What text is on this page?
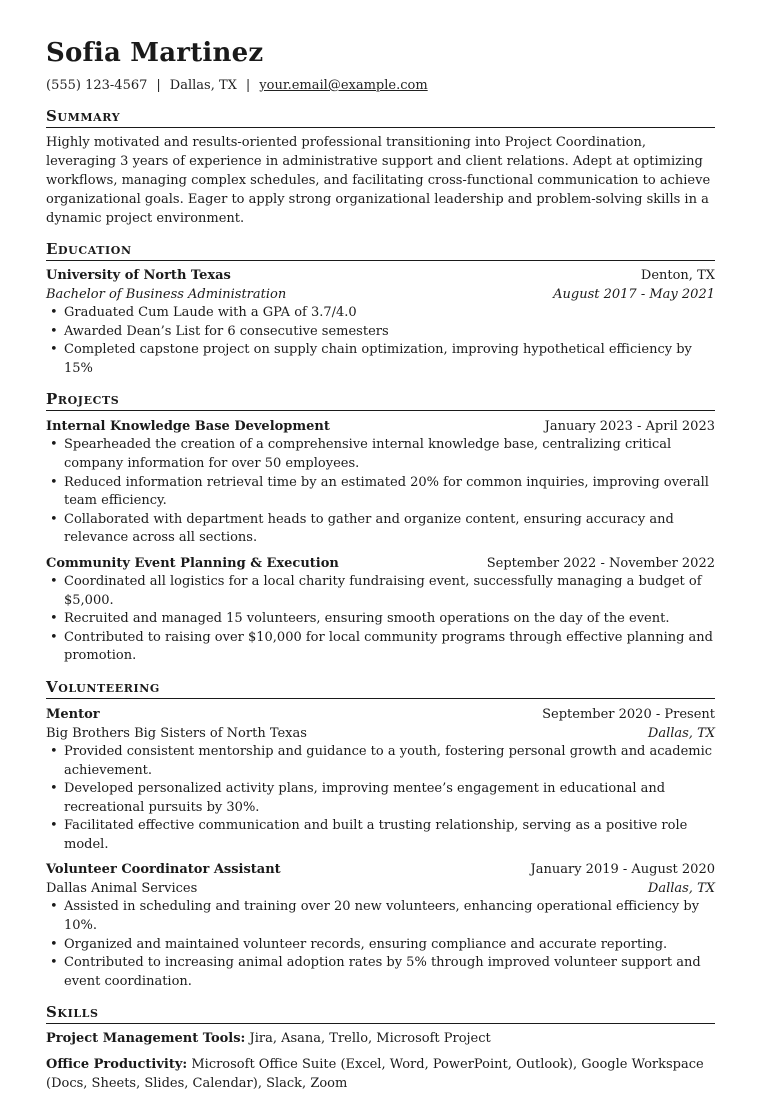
Sofia Martinez
(555) 123-4567 | Dallas, TX | your.email@example.com
Summary

Highly motivated and results-oriented professional transitioning into Project Coordination, leveraging 3 years of experience in administrative support and client relations. Adept at optimizing workflows, managing complex schedules, and facilitating cross-functional communication to achieve organizational goals. Eager to apply strong organizational leadership and problem-solving skills in a dynamic project environment.

Education
University of North Texas	Denton, TX
Bachelor of Business Administration	August 2017 - May 2021
• Graduated Cum Laude with a GPA of 3.7/4.0
• Awarded Dean’s List for 6 consecutive semesters
• Completed capstone project on supply chain optimization, improving hypothetical efficiency by 15%
Projects
Internal Knowledge Base Development	January 2023 - April 2023
• Spearheaded the creation of a comprehensive internal knowledge base, centralizing critical company information for over 50 employees.
• Reduced information retrieval time by an estimated 20% for common inquiries, improving overall team efficiency.
• Collaborated with department heads to gather and organize content, ensuring accuracy and relevance across all sections.
Community Event Planning & Execution	September 2022 - November 2022
• Coordinated all logistics for a local charity fundraising event, successfully managing a budget of $5,000.
• Recruited and managed 15 volunteers, ensuring smooth operations on the day of the event.
• Contributed to raising over $10,000 for local community programs through effective planning and promotion.
Volunteering
Mentor	September 2020 - Present
Big Brothers Big Sisters of North Texas	Dallas, TX
• Provided consistent mentorship and guidance to a youth, fostering personal growth and academic achievement.
• Developed personalized activity plans, improving mentee’s engagement in educational and recreational pursuits by 30%.
• Facilitated effective communication and built a trusting relationship, serving as a positive role model.
Volunteer Coordinator Assistant	January 2019 - August 2020
Dallas Animal Services	Dallas, TX
• Assisted in scheduling and training over 20 new volunteers, enhancing operational efficiency by 10%.
• Organized and maintained volunteer records, ensuring compliance and accurate reporting.
• Contributed to increasing animal adoption rates by 5% through improved volunteer support and event coordination.
Skills
Project Management Tools: Jira, Asana, Trello, Microsoft Project
Office Productivity: Microsoft Office Suite (Excel, Word, PowerPoint, Outlook), Google Workspace (Docs, Sheets, Slides, Calendar), Slack, Zoom
